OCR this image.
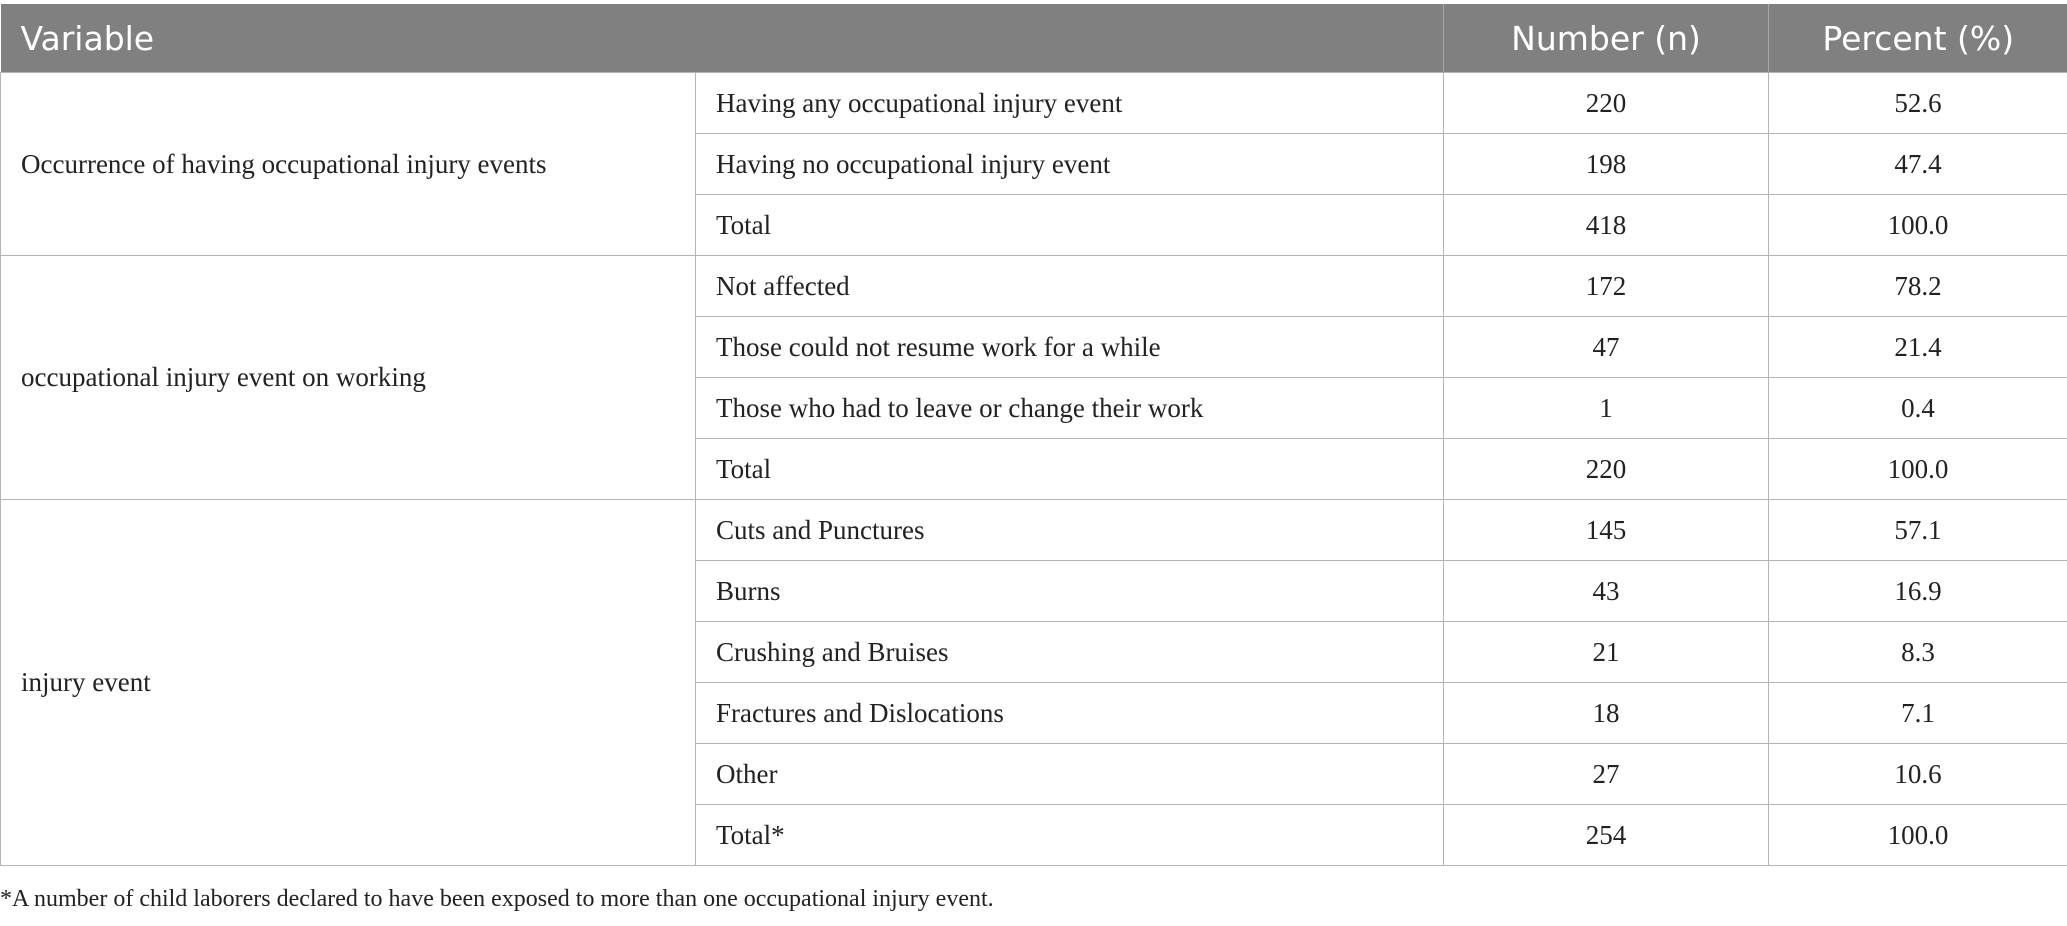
Variable		Number (n)	Percent (%)
Occurrence of having occupational injury events	Having any occupational injury event	220	52.6
	Having no occupational injury event	198	47.4
	Total	418	100.0
occupational injury event on working	Not affected	172	78.2
	Those could not resume work for a while	47	21.4
	Those who had to leave or change their work	1	0.4
	Total	220	100.0
injury event	Cuts and Punctures	145	57.1
	Burns	43	16.9
	Crushing and Bruises	21	8.3
	Fractures and Dislocations	18	7.1
	Other	27	10.6
	Total*	254	100.0
*A number of child laborers declared to have been exposed to more than one occupational injury event.
